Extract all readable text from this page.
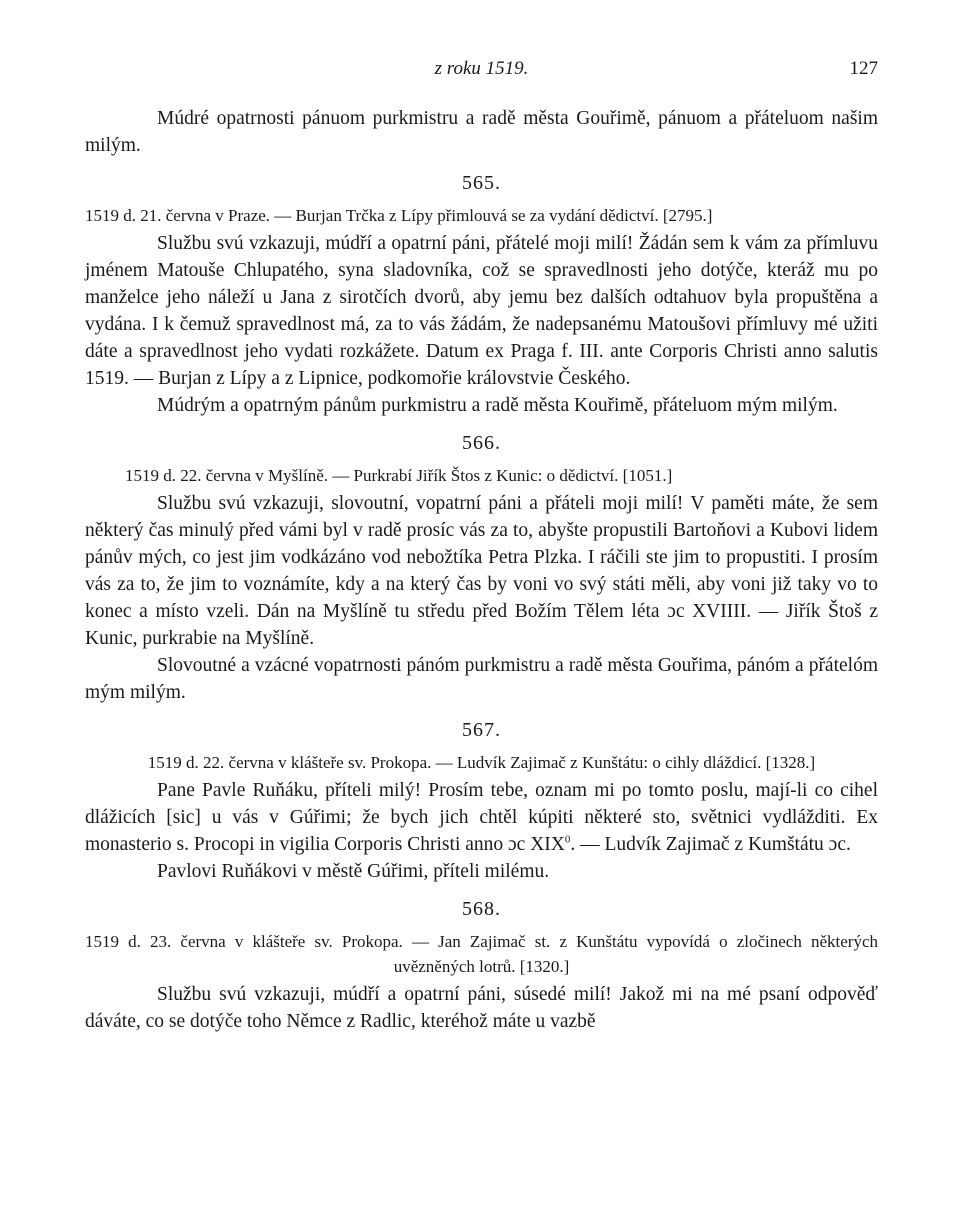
z roku 1519.	127

Múdré opatrnosti pánuom purkmistru a radě města Gouřimě, pánuom a přáteluom našim milým.

565.

1519 d. 21. června v Praze. — Burjan Trčka z Lípy přimlouvá se za vydání dědictví. [2795.]

Službu svú vzkazuji, múdří a opatrní páni, přátelé moji milí! Žádán sem k vám za přímluvu jménem Matouše Chlupatého, syna sladovníka, což se spravedlnosti jeho dotýče, kteráž mu po manželce jeho náleží u Jana z sirotčích dvorů, aby jemu bez dalších odtahuov byla propuštěna a vydána. I k čemuž spravedlnost má, za to vás žádám, že nadepsanému Matoušovi přímluvy mé užiti dáte a spravedlnost jeho vydati rozkážete. Datum ex Praga f. III. ante Corporis Christi anno salutis 1519. — Burjan z Lípy a z Lipnice, podkomořie královstvie Českého.

Múdrým a opatrným pánům purkmistru a radě města Kouřimě, přáteluom mým milým.

566.

1519 d. 22. června v Myšlíně. — Purkrabí Jiřík Štos z Kunic: o dědictví. [1051.]

Službu svú vzkazuji, slovoutní, vopatrní páni a přáteli moji milí! V paměti máte, že sem některý čas minulý před vámi byl v radě prosíc vás za to, abyšte propustili Bartoňovi a Kubovi lidem pánův mých, co jest jim vodkázáno vod nebožtíka Petra Plzka. I ráčili ste jim to propustiti. I prosím vás za to, že jim to voznámíte, kdy a na který čas by voni vo svý státi měli, aby voni již taky vo to konec a místo vzeli. Dán na Myšlíně tu středu před Božím Tělem léta ɔc XVIIII. — Jiřík Štoš z Kunic, purkrabie na Myšlíně.

Slovoutné a vzácné vopatrnosti pánóm purkmistru a radě města Gouřima, pánóm a přátelóm mým milým.

567.

1519 d. 22. června v klášteře sv. Prokopa. — Ludvík Zajimač z Kunštátu: o cihly dláždicí. [1328.]

Pane Pavle Ruňáku, příteli milý! Prosím tebe, oznam mi po tomto poslu, mají-li co cihel dlážicích [sic] u vás v Gúřimi; že bych jich chtěl kúpiti některé sto, světnici vydlážditi. Ex monasterio s. Procopi in vigilia Corporis Christi anno ɔc XIX$^0$. — Ludvík Zajimač z Kumštátu ɔc.

Pavlovi Ruňákovi v městě Gúřimi, příteli milému.

568.

1519 d. 23. června v klášteře sv. Prokopa. — Jan Zajimač st. z Kunštátu vypovídá o zločinech některých uvězněných lotrů. [1320.]

Službu svú vzkazuji, múdří a opatrní páni, súsedé milí! Jakož mi na mé psaní odpověď dáváte, co se dotýče toho Němce z Radlic, kteréhož máte u vazbě
